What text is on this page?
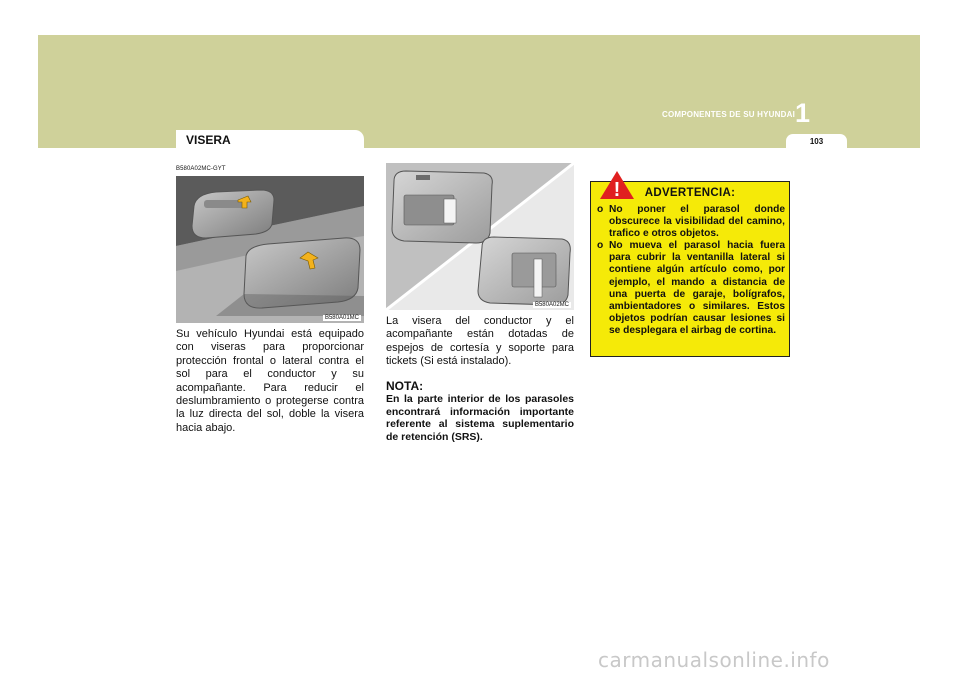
COMPONENTES DE SU HYUNDAI 1
103
VISERA
B580A02MC-GYT
B580A01MC
B580A02MC
Su vehículo Hyundai está equipado con viseras para proporcionar protección frontal o lateral contra el sol para el conductor y su acompañante. Para reducir el deslumbramiento o protegerse contra la luz directa del sol, doble la visera hacia abajo.
La visera del conductor y el acompañante están dotadas de espejos de cortesía y soporte para tickets (Si está instalado).
NOTA:
En la parte interior de los parasoles encontrará información importante referente al sistema suplementario de retención (SRS).
ADVERTENCIA:
o No poner el parasol donde obscurece la visibilidad del camino, trafico e otros objetos.
o No mueva el parasol hacia fuera para cubrir la ventanilla lateral si contiene algún artículo como, por ejemplo, el mando a distancia de una puerta de garaje, bolígrafos, ambientadores o similares. Estos objetos podrían causar lesiones si se desplegara el airbag de cortina.
!
carmanualsonline.info
